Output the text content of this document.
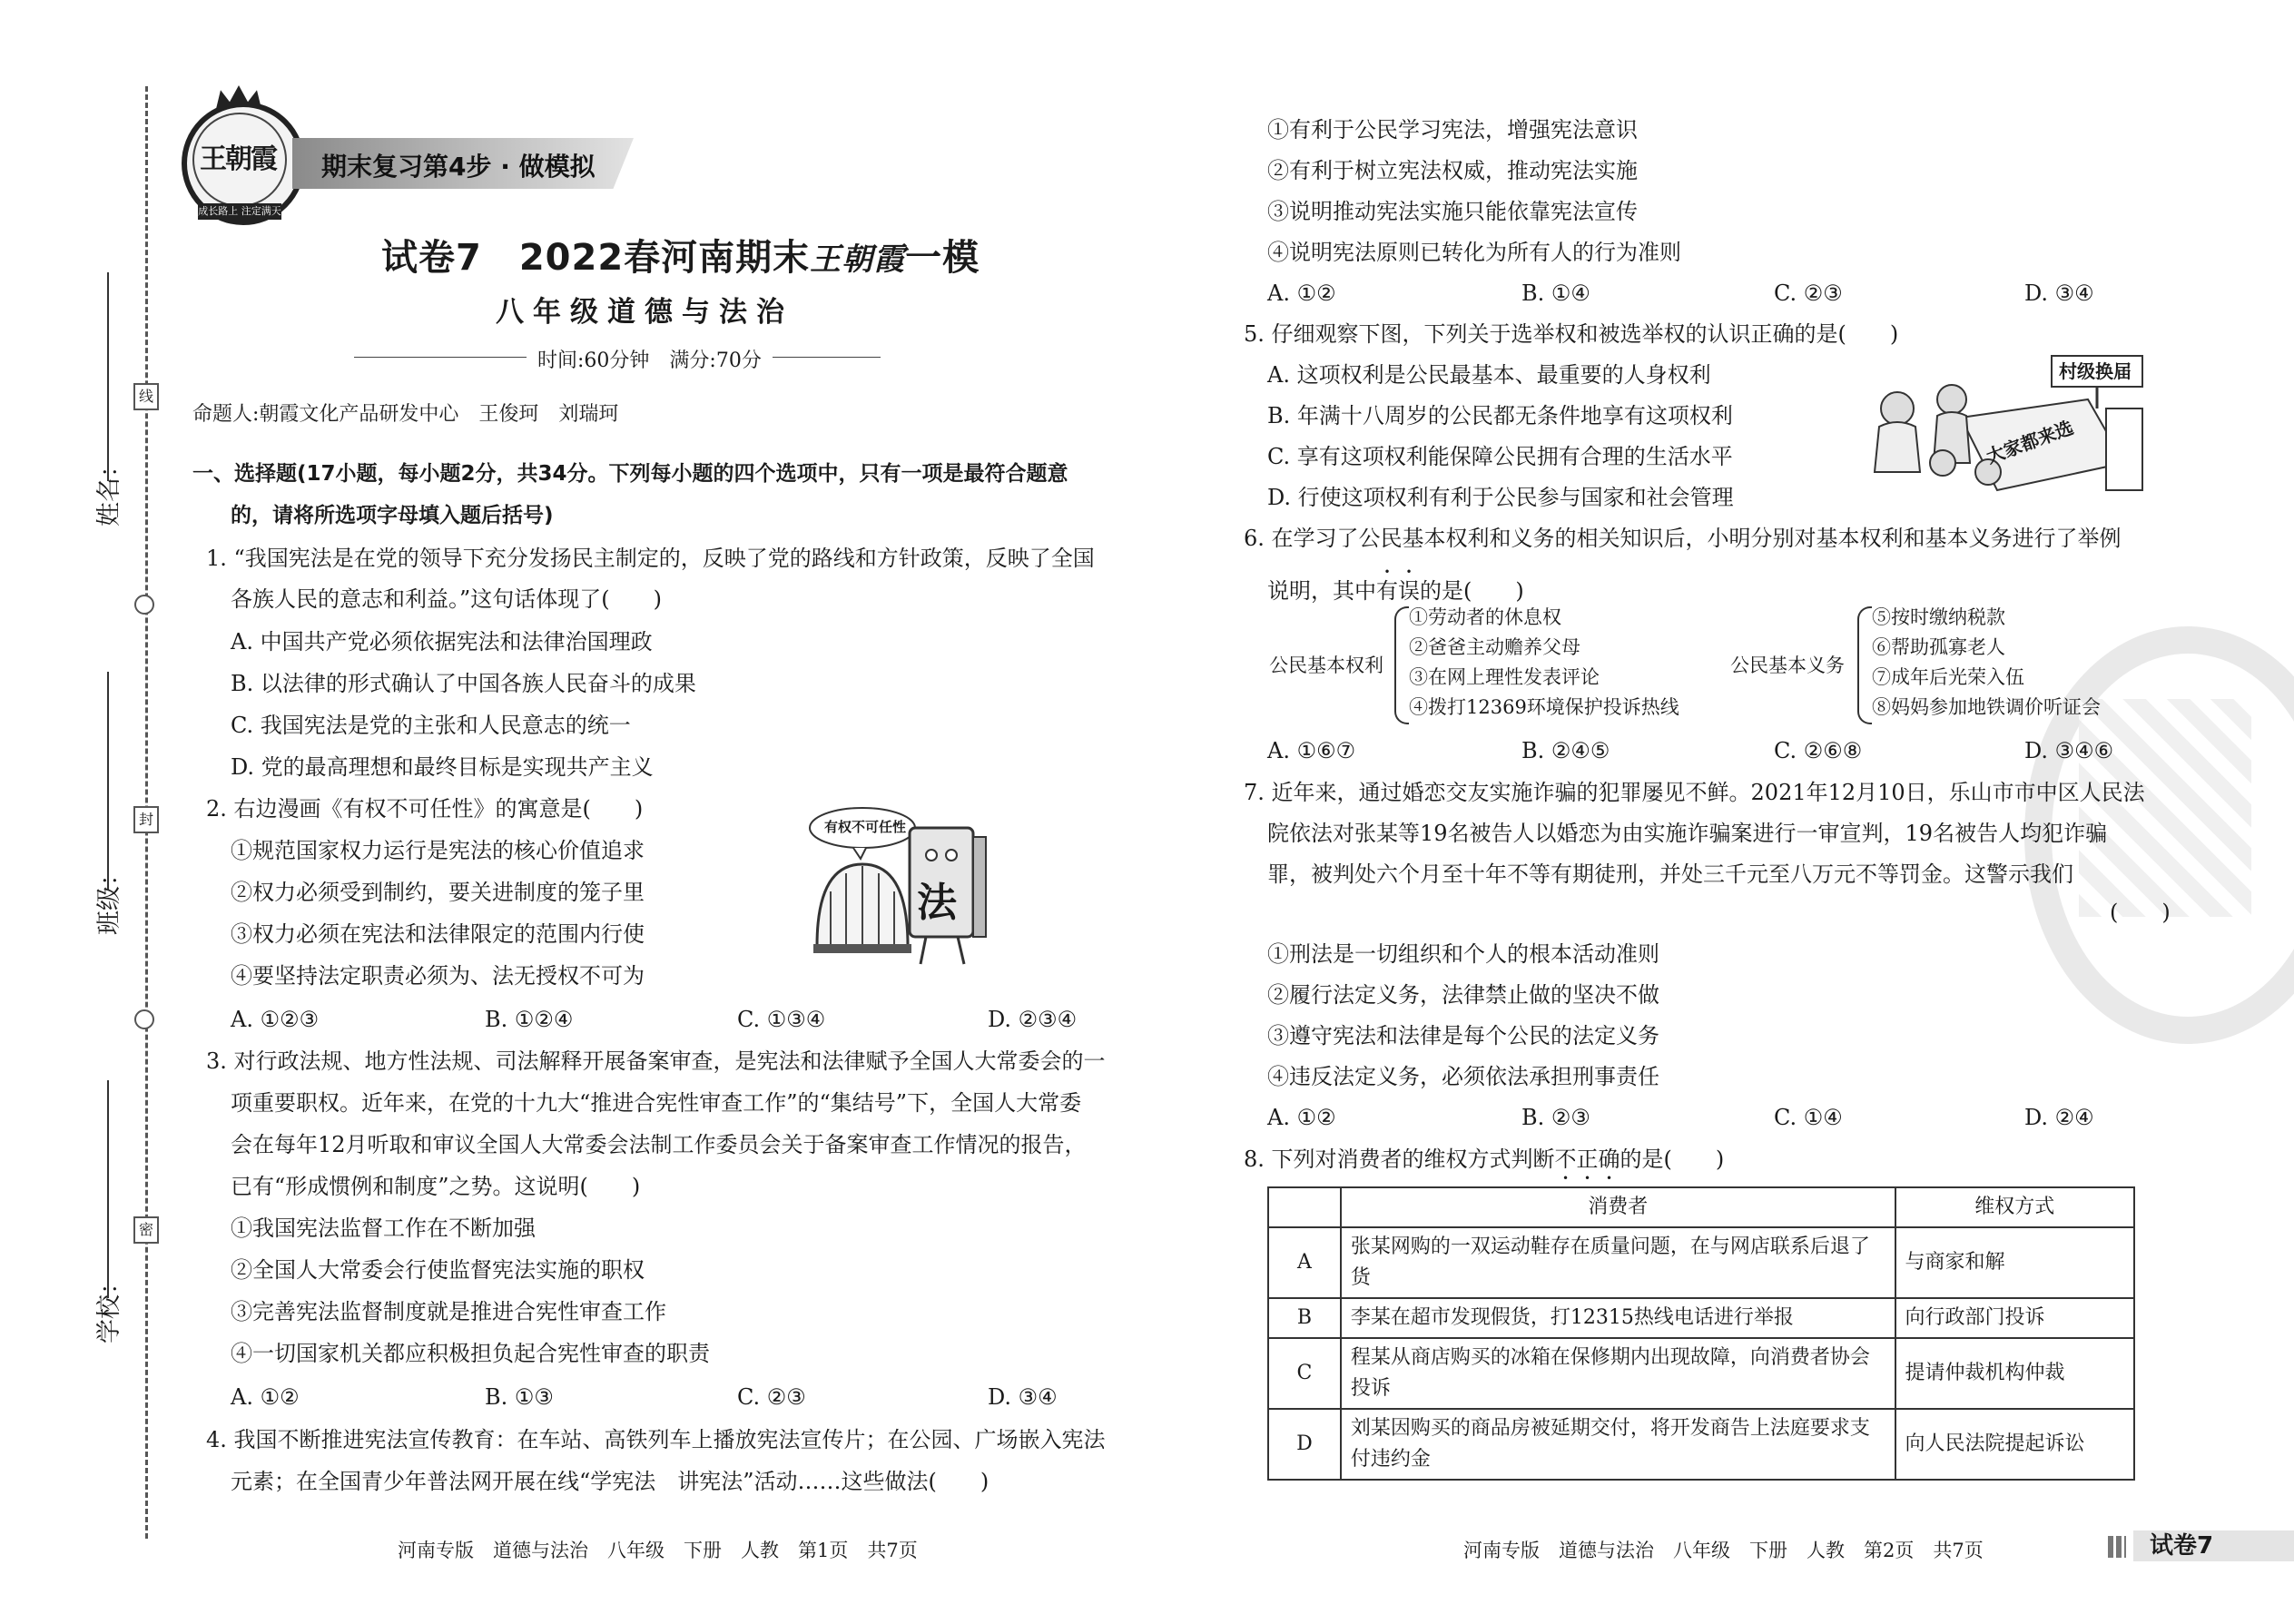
姓名：
班级：
学校：
线
封
密
王朝霞
成长路上 注定满天
期末复习第4步 · 做模拟
试卷7　2022春河南期末王朝霞一模
八年级道德与法治
时间:60分钟　满分:70分
命题人:朝霞文化产品研发中心　王俊珂　刘瑞珂
一、选择题(17小题，每小题2分，共34分。下列每小题的四个选项中，只有一项是最符合题意
的，请将所选项字母填入题后括号)
1. “我国宪法是在党的领导下充分发扬民主制定的，反映了党的路线和方针政策，反映了全国
各族人民的意志和利益。”这句话体现了(　　)
A. 中国共产党必须依据宪法和法律治国理政
B. 以法律的形式确认了中国各族人民奋斗的成果
C. 我国宪法是党的主张和人民意志的统一
D. 党的最高理想和最终目标是实现共产主义
2. 右边漫画《有权不可任性》的寓意是(　　)
①规范国家权力运行是宪法的核心价值追求
②权力必须受到制约，要关进制度的笼子里
③权力必须在宪法和法律限定的范围内行使
④要坚持法定职责必须为、法无授权不可为
A. ①②③	B. ①②④	C. ①③④	D. ②③④
有权不可任性
法
3. 对行政法规、地方性法规、司法解释开展备案审查，是宪法和法律赋予全国人大常委会的一
项重要职权。近年来，在党的十九大“推进合宪性审查工作”的“集结号”下，全国人大常委
会在每年12月听取和审议全国人大常委会法制工作委员会关于备案审查工作情况的报告，
已有“形成惯例和制度”之势。这说明(　　)
①我国宪法监督工作在不断加强
②全国人大常委会行使监督宪法实施的职权
③完善宪法监督制度就是推进合宪性审查工作
④一切国家机关都应积极担负起合宪性审查的职责
A. ①②	B. ①③	C. ②③	D. ③④
4. 我国不断推进宪法宣传教育：在车站、高铁列车上播放宪法宣传片；在公园、广场嵌入宪法
元素；在全国青少年普法网开展在线“学宪法　讲宪法”活动……这些做法(　　)
河南专版　道德与法治　八年级　下册　人教　第1页　共7页
①有利于公民学习宪法，增强宪法意识
②有利于树立宪法权威，推动宪法实施
③说明推动宪法实施只能依靠宪法宣传
④说明宪法原则已转化为所有人的行为准则
A. ①②	B. ①④	C. ②③	D. ③④
5. 仔细观察下图，下列关于选举权和被选举权的认识正确的是(　　)
A. 这项权利是公民最基本、最重要的人身权利
B. 年满十八周岁的公民都无条件地享有这项权利
C. 享有这项权利能保障公民拥有合理的生活水平
D. 行使这项权利有利于公民参与国家和社会管理
村级换届
大家都来选
6. 在学习了公民基本权利和义务的相关知识后，小明分别对基本权利和基本义务进行了举例
说明，其中有误的是(　　)
公民基本权利
①劳动者的休息权
②爸爸主动赡养父母
③在网上理性发表评论
④拨打12369环境保护投诉热线
公民基本义务
⑤按时缴纳税款
⑥帮助孤寡老人
⑦成年后光荣入伍
⑧妈妈参加地铁调价听证会
A. ①⑥⑦	B. ②④⑤	C. ②⑥⑧	D. ③④⑥
7. 近年来，通过婚恋交友实施诈骗的犯罪屡见不鲜。2021年12月10日，乐山市市中区人民法
院依法对张某等19名被告人以婚恋为由实施诈骗案进行一审宣判，19名被告人均犯诈骗
罪，被判处六个月至十年不等有期徒刑，并处三千元至八万元不等罚金。这警示我们
(　　)
①刑法是一切组织和个人的根本活动准则
②履行法定义务，法律禁止做的坚决不做
③遵守宪法和法律是每个公民的法定义务
④违反法定义务，必须依法承担刑事责任
A. ①②	B. ②③	C. ①④	D. ②④
8. 下列对消费者的维权方式判断不正确的是(　　)
	消费者	维权方式
A	张某网购的一双运动鞋存在质量问题，在与网店联系后退了货	与商家和解
B	李某在超市发现假货，打12315热线电话进行举报	向行政部门投诉
C	程某从商店购买的冰箱在保修期内出现故障，向消费者协会投诉	提请仲裁机构仲裁
D	刘某因购买的商品房被延期交付，将开发商告上法庭要求支付违约金	向人民法院提起诉讼
河南专版　道德与法治　八年级　下册　人教　第2页　共7页	试卷7
